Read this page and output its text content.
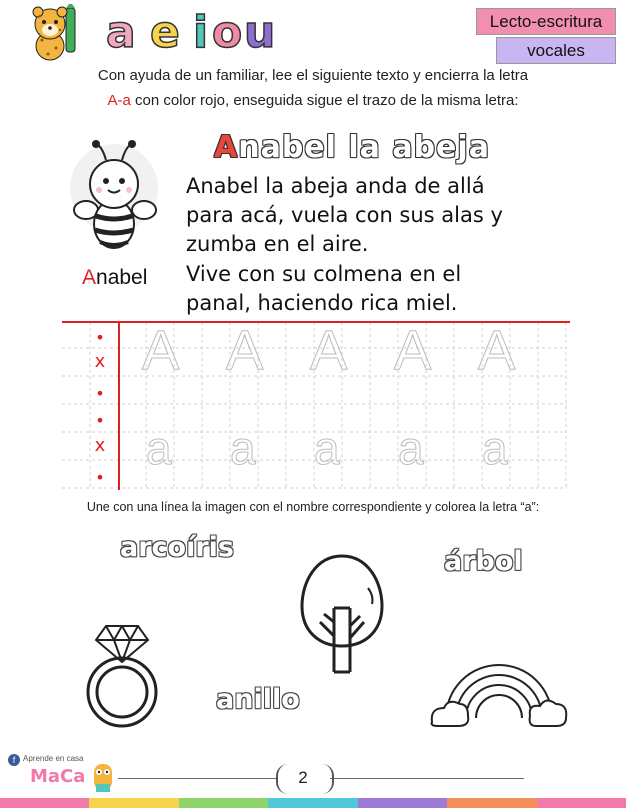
a e i o u	Lecto-escritura
vocales
Con ayuda de un familiar, lee el siguiente texto y encierra la letra
A-a con color rojo, enseguida sigue el trazo de la misma letra:
Anabel
Anabel la abeja
Anabel la abeja anda de allá
para acá, vuela con sus alas y
zumba en el aire.
Vive con su colmena en el
panal, haciendo rica miel.
•
x
•
•
x
•
A A A A A
a a a a a
Une con una línea la imagen con el nombre correspondiente y colorea la letra “a”:
arcoíris	árbol
anillo
f Aprende en casa
MaCa	2
